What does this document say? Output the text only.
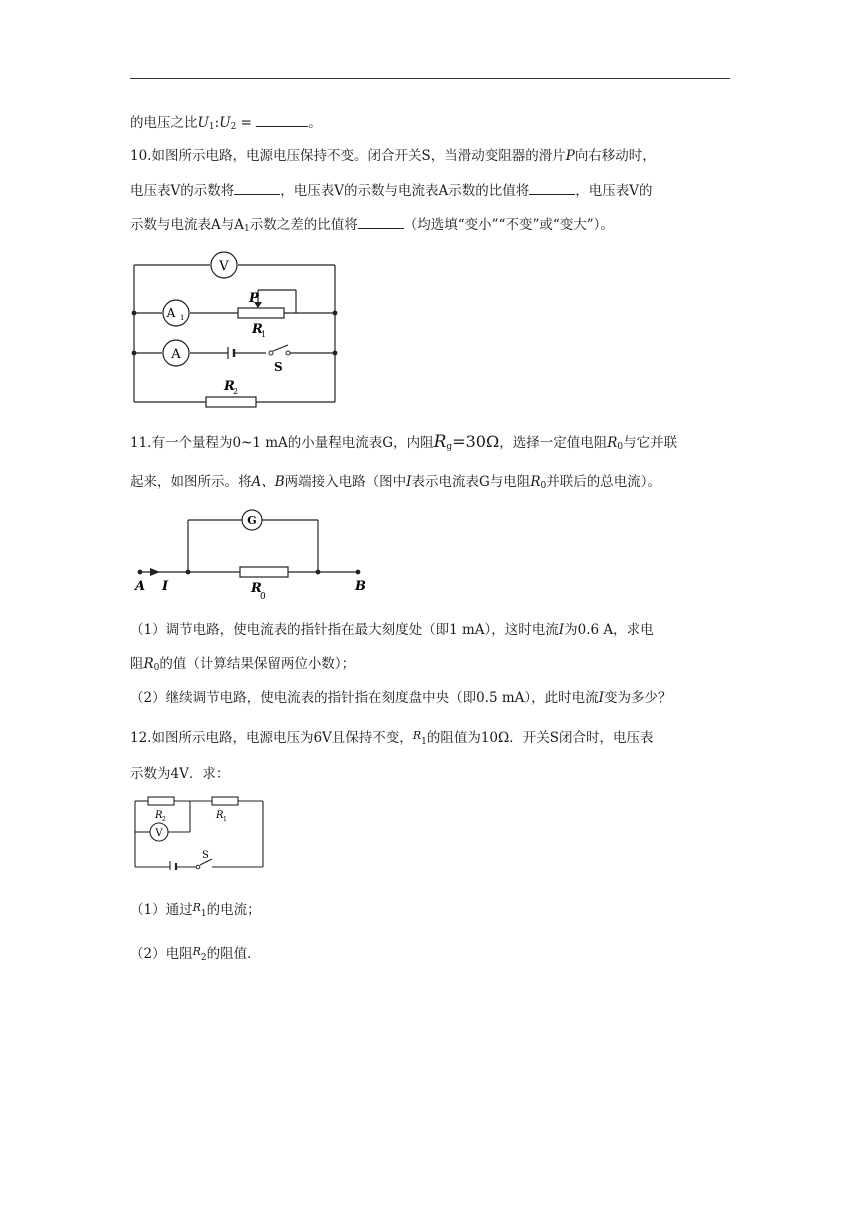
的电压之比$U_1:U_2$ =	。
10.如图所示电路，电源电压保持不变。闭合开关S，当滑动变阻器的滑片P向右移动时，
电压表V的示数将	，电压表V的示数与电流表A示数的比值将	，电压表V的
示数与电流表A与$A_1$示数之差的比值将	（均选填“变小”“不变”或“变大”）。
V
A 1
A
P
R
1
S
R
2
11.有一个量程为0~1 mA的小量程电流表G，内阻$R_g=30\Omega$，选择一定值电阻$R_0$与它并联
起来，如图所示。将A、B两端接入电路（图中I表示电流表G与电阻$R_0$并联后的总电流）。
G
A I	R
0
B
（1）调节电路，使电流表的指针指在最大刻度处（即1 mA），这时电流I为0.6 A，求电
阻$R_0$的值（计算结果保留两位小数）；
（2）继续调节电路，使电流表的指针指在刻度盘中央（即0.5 mA），此时电流I变为多少？
12.如图所示电路，电源电压为6V且保持不变，$^R_1$的阻值为10Ω．开关S闭合时，电压表
示数为4V．求：
R 2	R 1
V
S
（1）通过$^R_1$的电流；
（2）电阻$^R_2$的阻值．
